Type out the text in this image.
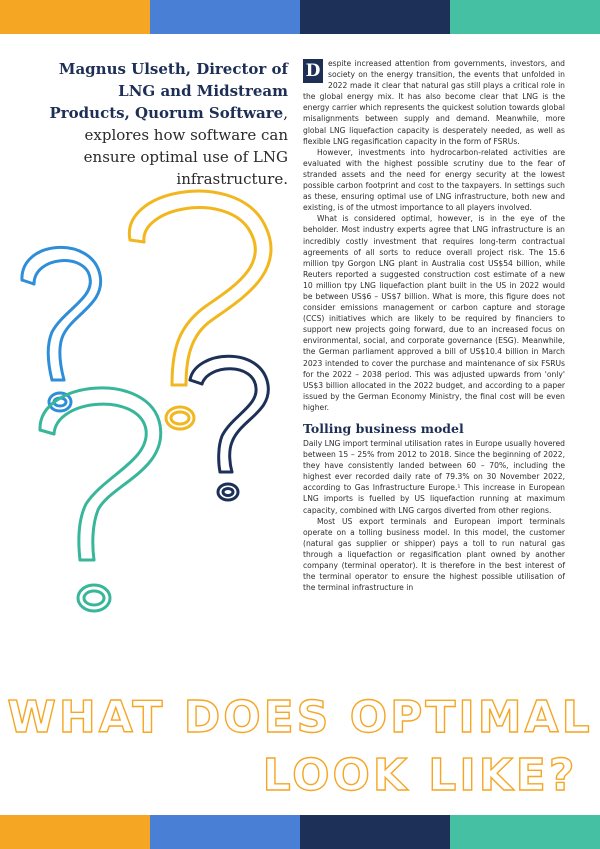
Magnus Ulseth, Director of LNG and Midstream Products, Quorum Software, explores how software can ensure optimal use of LNG infrastructure.

D	espite increased attention from governments, investors, and society on the energy transition, the events that unfolded in 2022 made it clear that natural gas still plays a critical role in the global energy mix. It has also become clear that LNG is the energy carrier which represents the quickest solution towards global misalignments between supply and demand. Meanwhile, more global LNG liquefaction capacity is desperately needed, as well as flexible LNG regasification capacity in the form of FSRUs.

However, investments into hydrocarbon-related activities are evaluated with the highest possible scrutiny due to the fear of stranded assets and the need for energy security at the lowest possible carbon footprint and cost to the taxpayers. In settings such as these, ensuring optimal use of LNG infrastructure, both new and existing, is of the utmost importance to all players involved.

What is considered optimal, however, is in the eye of the beholder. Most industry experts agree that LNG infrastructure is an incredibly costly investment that requires long-term contractual agreements of all sorts to reduce overall project risk. The 15.6 million tpy Gorgon LNG plant in Australia cost US$54 billion, while Reuters reported a suggested construction cost estimate of a new 10 million tpy LNG liquefaction plant built in the US in 2022 would be between US$6 – US$7 billion. What is more, this figure does not consider emissions management or carbon capture and storage (CCS) initiatives which are likely to be required by financiers to support new projects going forward, due to an increased focus on environmental, social, and corporate governance (ESG). Meanwhile, the German parliament approved a bill of US$10.4 billion in March 2023 intended to cover the purchase and maintenance of six FSRUs for the 2022 – 2038 period. This was adjusted upwards from 'only' US$3 billion allocated in the 2022 budget, and according to a paper issued by the German Economy Ministry, the final cost will be even higher.

Tolling business model

Daily LNG import terminal utilisation rates in Europe usually hovered between 15 – 25% from 2012 to 2018. Since the beginning of 2022, they have consistently landed between 60 – 70%, including the highest ever recorded daily rate of 79.3% on 30 November 2022, according to Gas Infrastructure Europe.¹ This increase in European LNG imports is fuelled by US liquefaction running at maximum capacity, combined with LNG cargos diverted from other regions.

Most US export terminals and European import terminals operate on a tolling business model. In this model, the customer (natural gas supplier or shipper) pays a toll to run natural gas through a liquefaction or regasification plant owned by another company (terminal operator). It is therefore in the best interest of the terminal operator to ensure the highest possible utilisation of the terminal infrastructure in

WHAT DOES OPTIMAL
LOOK LIKE?
